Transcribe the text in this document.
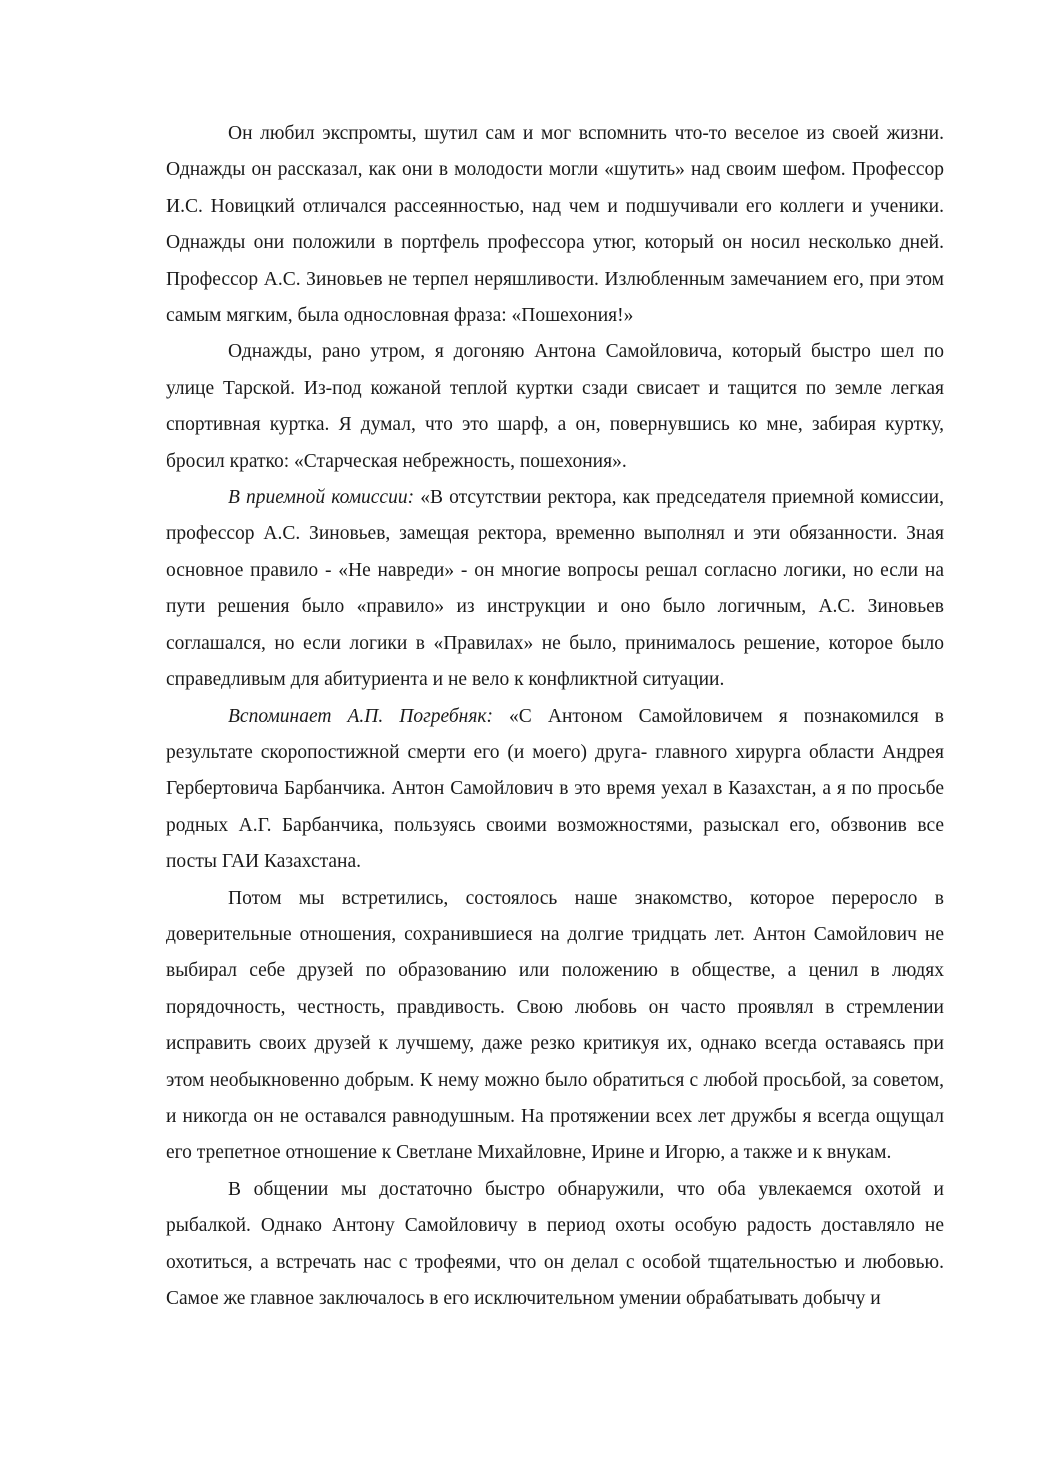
Он любил экспромты, шутил сам и мог вспомнить что-то веселое из своей жизни. Однажды он рассказал, как они в молодости могли «шутить» над своим шефом. Профессор И.С. Новицкий отличался рассеянностью, над чем и подшучивали его коллеги и ученики. Однажды они положили в портфель профессора утюг, который он носил несколько дней. Профессор А.С. Зиновьев не терпел неряшливости. Излюбленным замечанием его, при этом самым мягким, была однословная фраза: «Пошехония!»

Однажды, рано утром, я догоняю Антона Самойловича, который быстро шел по улице Тарской. Из-под кожаной теплой куртки сзади свисает и тащится по земле легкая спортивная куртка. Я думал, что это шарф, а он, повернувшись ко мне, забирая куртку, бросил кратко: «Старческая небрежность, пошехония».

В приемной комиссии: «В отсутствии ректора, как председателя приемной комиссии, профессор А.С. Зиновьев, замещая ректора, временно выполнял и эти обязанности. Зная основное правило - «Не навреди» - он многие вопросы решал согласно логики, но если на пути решения было «правило» из инструкции и оно было логичным, А.С. Зиновьев соглашался, но если логики в «Правилах» не было, принималось решение, которое было справедливым для абитуриента и не вело к конфликтной ситуации.

Вспоминает А.П. Погребняк: «С Антоном Самойловичем я познакомился в результате скоропостижной смерти его (и моего) друга- главного хирурга области Андрея Гербертовича Барбанчика. Антон Самойлович в это время уехал в Казахстан, а я по просьбе родных А.Г. Барбанчика, пользуясь своими возможностями, разыскал его, обзвонив все посты ГАИ Казахстана.

Потом мы встретились, состоялось наше знакомство, которое переросло в доверительные отношения, сохранившиеся на долгие тридцать лет. Антон Самойлович не выбирал себе друзей по образованию или положению в обществе, а ценил в людях порядочность, честность, правдивость. Свою любовь он часто проявлял в стремлении исправить своих друзей к лучшему, даже резко критикуя их, однако всегда оставаясь при этом необыкновенно добрым. К нему можно было обратиться с любой просьбой, за советом, и никогда он не оставался равнодушным. На протяжении всех лет дружбы я всегда ощущал его трепетное отношение к Светлане Михайловне, Ирине и Игорю, а также и к внукам.

В общении мы достаточно быстро обнаружили, что оба увлекаемся охотой и рыбалкой. Однако Антону Самойловичу в период охоты особую радость доставляло не охотиться, а встречать нас с трофеями, что он делал с особой тщательностью и любовью. Самое же главное заключалось в его исключительном умении обрабатывать добычу и
